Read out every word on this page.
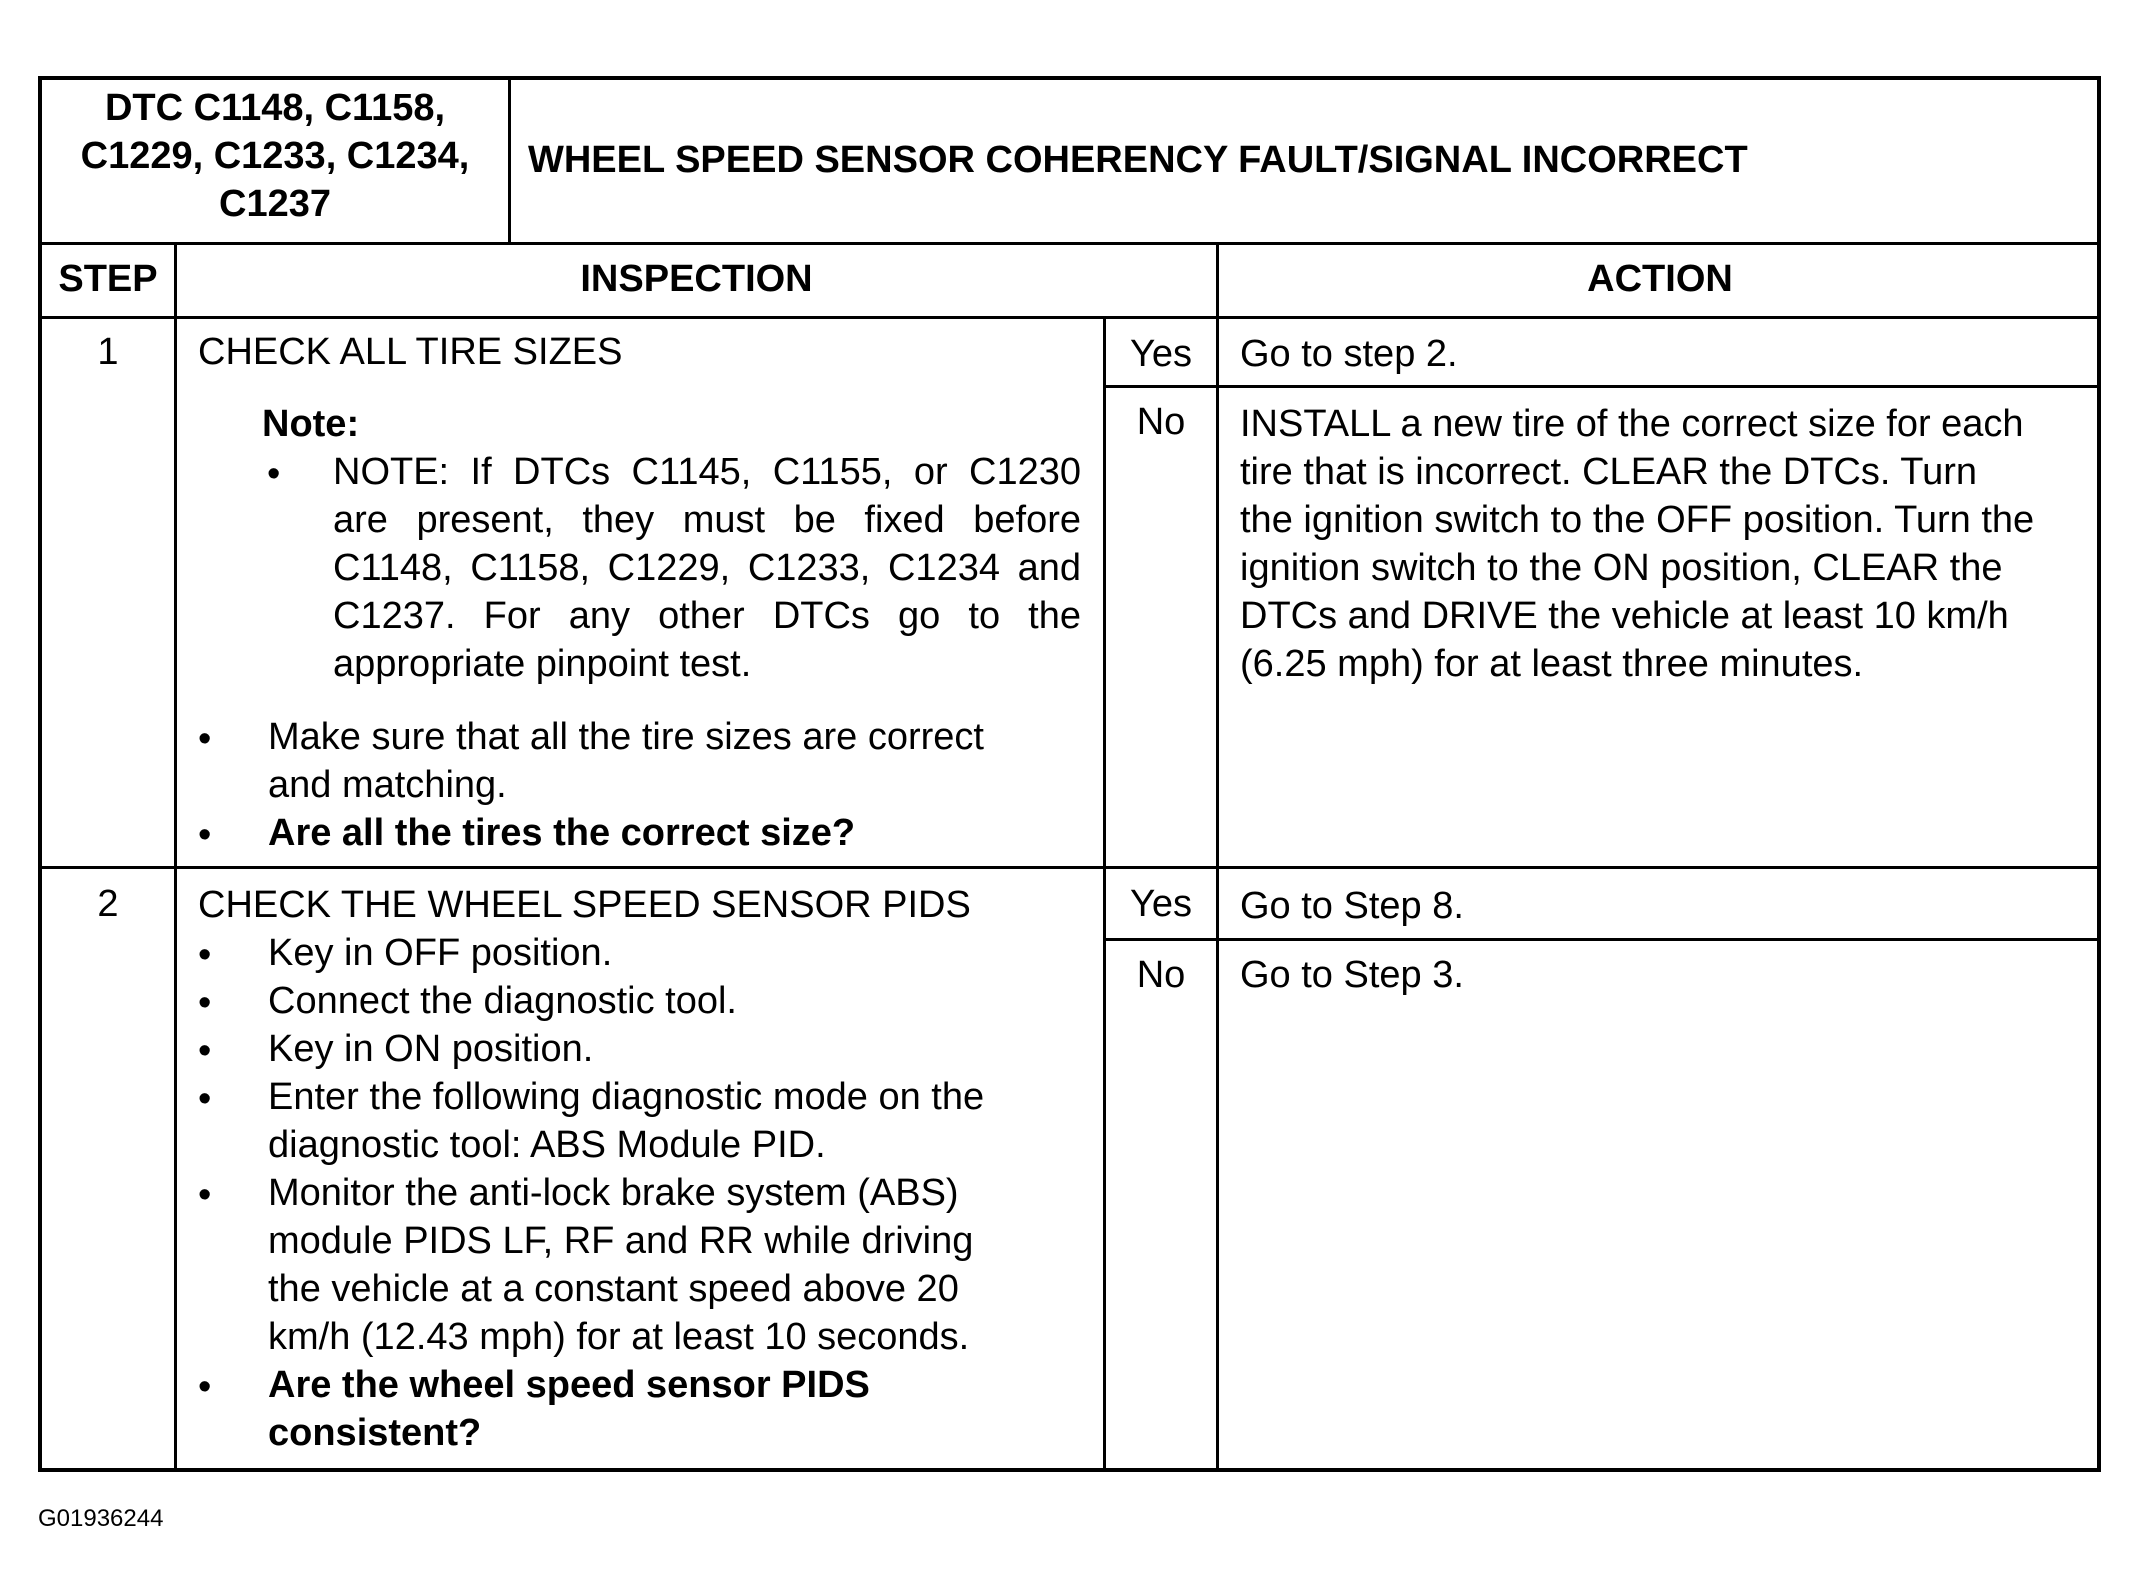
DTC C1148, C1158,
C1229, C1233, C1234,
C1237
WHEEL SPEED SENSOR COHERENCY FAULT/SIGNAL INCORRECT
STEP	INSPECTION	ACTION
1	CHECK ALL TIRE SIZES
Note:
• NOTE: If DTCs C1145, C1155, or C1230
are present, they must be fixed before
C1148, C1158, C1229, C1233, C1234 and
C1237. For any other DTCs go to the
appropriate pinpoint test.
• Make sure that all the tire sizes are correct
and matching.
• Are all the tires the correct size?
Yes	Go to step 2.
No	INSTALL a new tire of the correct size for each
tire that is incorrect. CLEAR the DTCs. Turn
the ignition switch to the OFF position. Turn the
ignition switch to the ON position, CLEAR the
DTCs and DRIVE the vehicle at least 10 km/h
(6.25 mph) for at least three minutes.
2	CHECK THE WHEEL SPEED SENSOR PIDS
• Key in OFF position.
• Connect the diagnostic tool.
• Key in ON position.
• Enter the following diagnostic mode on the
diagnostic tool: ABS Module PID.
• Monitor the anti-lock brake system (ABS)
module PIDS LF, RF and RR while driving
the vehicle at a constant speed above 20
km/h (12.43 mph) for at least 10 seconds.
• Are the wheel speed sensor PIDS
consistent?
Yes	Go to Step 8.
No	Go to Step 3.
G01936244
